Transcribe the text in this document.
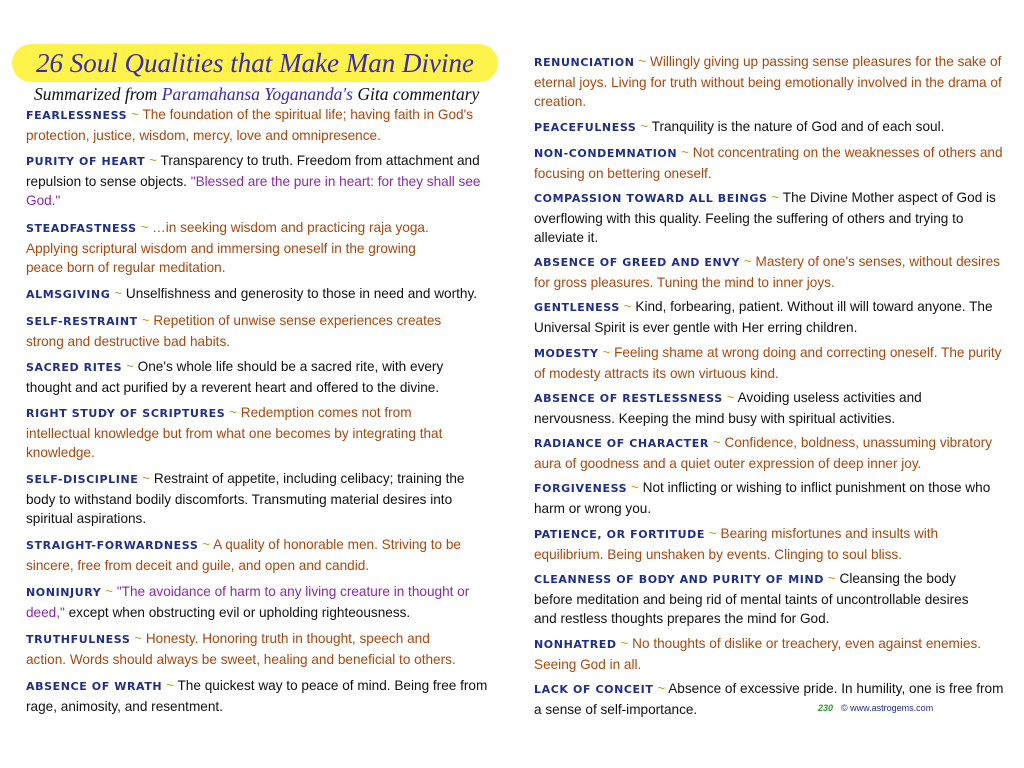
26 Soul Qualities that Make Man Divine
Summarized from Paramahansa Yogananda's Gita commentary

FEARLESSNESS ~ The foundation of the spiritual life; having faith in God's protection, justice, wisdom, mercy, love and omnipresence.

PURITY OF HEART ~ Transparency to truth. Freedom from attachment and repulsion to sense objects. "Blessed are the pure in heart: for they shall see God."

STEADFASTNESS ~ …in seeking wisdom and practicing raja yoga. Applying scriptural wisdom and immersing oneself in the growing peace born of regular meditation.

ALMSGIVING ~ Unselfishness and generosity to those in need and worthy.

SELF-RESTRAINT ~ Repetition of unwise sense experiences creates strong and destructive bad habits.

SACRED RITES ~ One's whole life should be a sacred rite, with every thought and act purified by a reverent heart and offered to the divine.

RIGHT STUDY OF SCRIPTURES ~ Redemption comes not from intellectual knowledge but from what one becomes by integrating that knowledge.

SELF-DISCIPLINE ~ Restraint of appetite, including celibacy; training the body to withstand bodily discomforts. Transmuting material desires into spiritual aspirations.

STRAIGHT-FORWARDNESS ~ A quality of honorable men. Striving to be sincere, free from deceit and guile, and open and candid.

NONINJURY ~ "The avoidance of harm to any living creature in thought or deed," except when obstructing evil or upholding righteousness.

TRUTHFULNESS ~ Honesty. Honoring truth in thought, speech and action. Words should always be sweet, healing and beneficial to others.

ABSENCE OF WRATH ~ The quickest way to peace of mind. Being free from rage, animosity, and resentment.

RENUNCIATION ~ Willingly giving up passing sense pleasures for the sake of eternal joys. Living for truth without being emotionally involved in the drama of creation.

PEACEFULNESS ~ Tranquility is the nature of God and of each soul.

NON-CONDEMNATION ~ Not concentrating on the weaknesses of others and focusing on bettering oneself.

COMPASSION TOWARD ALL BEINGS ~ The Divine Mother aspect of God is overflowing with this quality. Feeling the suffering of others and trying to alleviate it.

ABSENCE OF GREED AND ENVY ~ Mastery of one's senses, without desires for gross pleasures. Tuning the mind to inner joys.

GENTLENESS ~ Kind, forbearing, patient. Without ill will toward anyone. The Universal Spirit is ever gentle with Her erring children.

MODESTY ~ Feeling shame at wrong doing and correcting oneself. The purity of modesty attracts its own virtuous kind.

ABSENCE OF RESTLESSNESS ~ Avoiding useless activities and nervousness. Keeping the mind busy with spiritual activities.

RADIANCE OF CHARACTER ~ Confidence, boldness, unassuming vibratory aura of goodness and a quiet outer expression of deep inner joy.

FORGIVENESS ~ Not inflicting or wishing to inflict punishment on those who harm or wrong you.

PATIENCE, OR FORTITUDE ~ Bearing misfortunes and insults with equilibrium. Being unshaken by events. Clinging to soul bliss.

CLEANNESS OF BODY AND PURITY OF MIND ~ Cleansing the body before meditation and being rid of mental taints of uncontrollable desires and restless thoughts prepares the mind for God.

NONHATRED ~ No thoughts of dislike or treachery, even against enemies. Seeing God in all.

LACK OF CONCEIT ~ Absence of excessive pride. In humility, one is free from a sense of self-importance.	230 © www.astrogems.com
